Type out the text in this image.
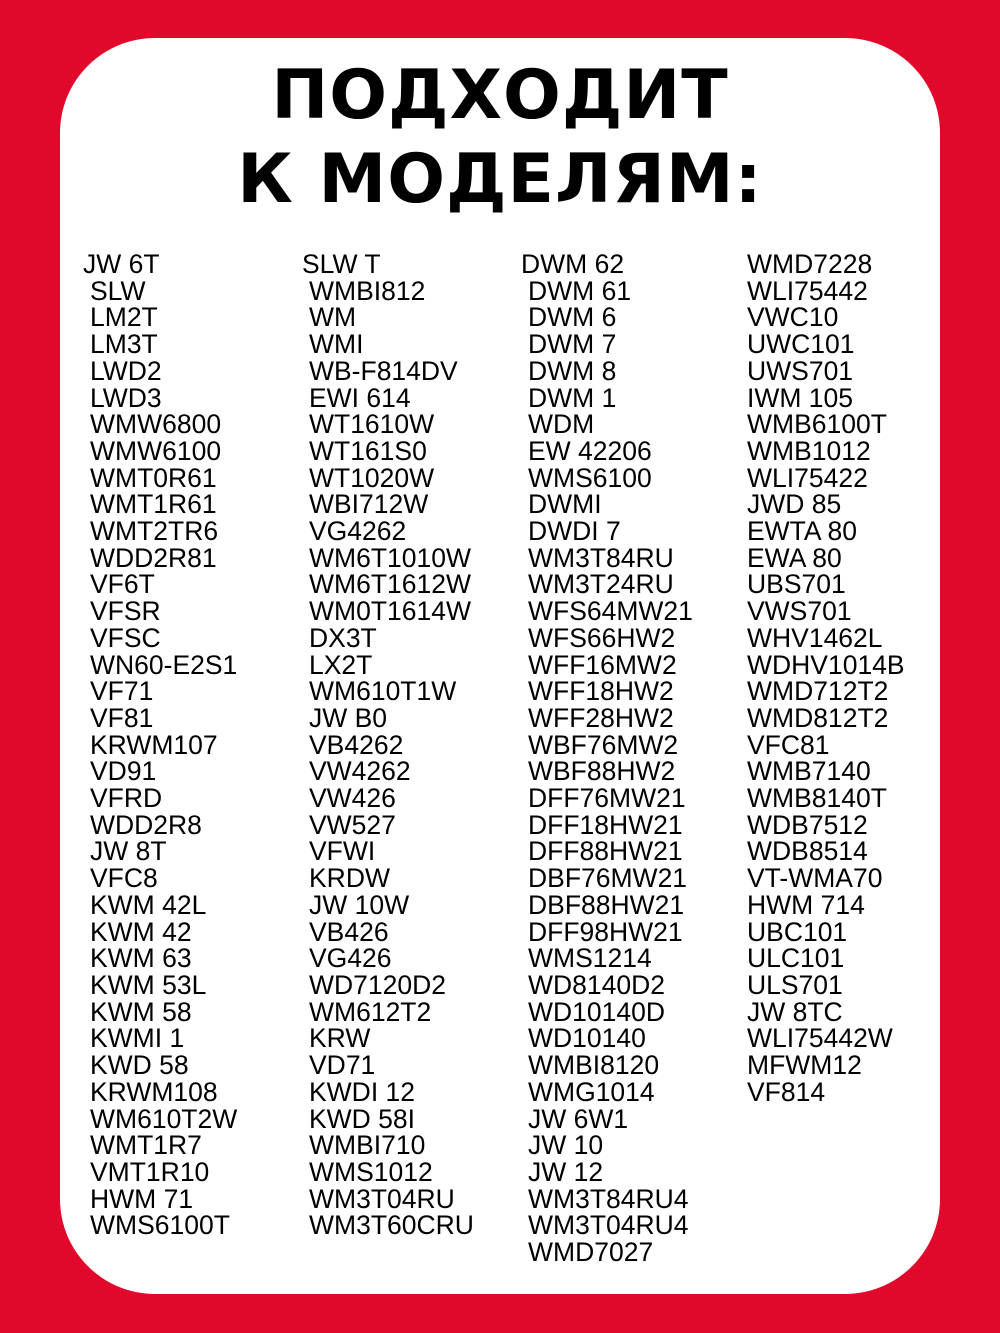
ПОДХОДИТ
К МОДЕЛЯМ:
JW 6T
SLW
LM2T
LM3T
LWD2
LWD3
WMW6800
WMW6100
WMT0R61
WMT1R61
WMT2TR6
WDD2R81
VF6T
VFSR
VFSC
WN60-E2S1
VF71
VF81
KRWM107
VD91
VFRD
WDD2R8
JW 8T
VFC8
KWM 42L
KWM 42
KWM 63
KWM 53L
KWM 58
KWMI 1
KWD 58
KRWM108
WM610T2W
WMT1R7
VMT1R10
HWM 71
WMS6100T
SLW T
WMBI812
WM
WMI
WB-F814DV
EWI 614
WT1610W
WT161S0
WT1020W
WBI712W
VG4262
WM6T1010W
WM6T1612W
WM0T1614W
DX3T
LX2T
WM610T1W
JW B0
VB4262
VW4262
VW426
VW527
VFWI
KRDW
JW 10W
VB426
VG426
WD7120D2
WM612T2
KRW
VD71
KWDI 12
KWD 58I
WMBI710
WMS1012
WM3T04RU
WM3T60CRU
DWM 62
DWM 61
DWM 6
DWM 7
DWM 8
DWM 1
WDM
EW 42206
WMS6100
DWMI
DWDI 7
WM3T84RU
WM3T24RU
WFS64MW21
WFS66HW2
WFF16MW2
WFF18HW2
WFF28HW2
WBF76MW2
WBF88HW2
DFF76MW21
DFF18HW21
DFF88HW21
DBF76MW21
DBF88HW21
DFF98HW21
WMS1214
WD8140D2
WD10140D
WD10140
WMBI8120
WMG1014
JW 6W1
JW 10
JW 12
WM3T84RU4
WM3T04RU4
WMD7027
WMD7228
WLI75442
VWC10
UWC101
UWS701
IWM 105
WMB6100T
WMB1012
WLI75422
JWD 85
EWTA 80
EWA 80
UBS701
VWS701
WHV1462L
WDHV1014B
WMD712T2
WMD812T2
VFC81
WMB7140
WMB8140T
WDB7512
WDB8514
VT-WMA70
HWM 714
UBC101
ULC101
ULS701
JW 8TC
WLI75442W
MFWM12
VF814
